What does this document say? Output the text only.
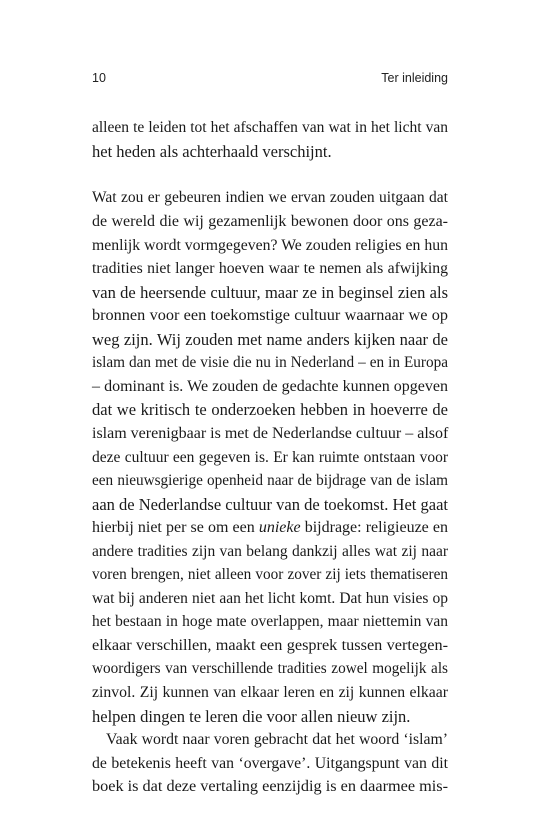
10	Ter inleiding
alleen te leiden tot het afschaffen van wat in het licht van
het heden als achterhaald verschijnt.
Wat zou er gebeuren indien we ervan zouden uitgaan dat
de wereld die wij gezamenlijk bewonen door ons geza-
menlijk wordt vormgegeven? We zouden religies en hun
tradities niet langer hoeven waar te nemen als afwijking
van de heersende cultuur, maar ze in beginsel zien als
bronnen voor een toekomstige cultuur waarnaar we op
weg zijn. Wij zouden met name anders kijken naar de
islam dan met de visie die nu in Nederland – en in Europa
– dominant is. We zouden de gedachte kunnen opgeven
dat we kritisch te onderzoeken hebben in hoeverre de
islam verenigbaar is met de Nederlandse cultuur – alsof
deze cultuur een gegeven is. Er kan ruimte ontstaan voor
een nieuwsgierige openheid naar de bijdrage van de islam
aan de Nederlandse cultuur van de toekomst. Het gaat
hierbij niet per se om een unieke bijdrage: religieuze en
andere tradities zijn van belang dankzij alles wat zij naar
voren brengen, niet alleen voor zover zij iets thematiseren
wat bij anderen niet aan het licht komt. Dat hun visies op
het bestaan in hoge mate overlappen, maar niettemin van
elkaar verschillen, maakt een gesprek tussen vertegen-
woordigers van verschillende tradities zowel mogelijk als
zinvol. Zij kunnen van elkaar leren en zij kunnen elkaar
helpen dingen te leren die voor allen nieuw zijn.
Vaak wordt naar voren gebracht dat het woord ‘islam’
de betekenis heeft van ‘overgave’. Uitgangspunt van dit
boek is dat deze vertaling eenzijdig is en daarmee mis-
